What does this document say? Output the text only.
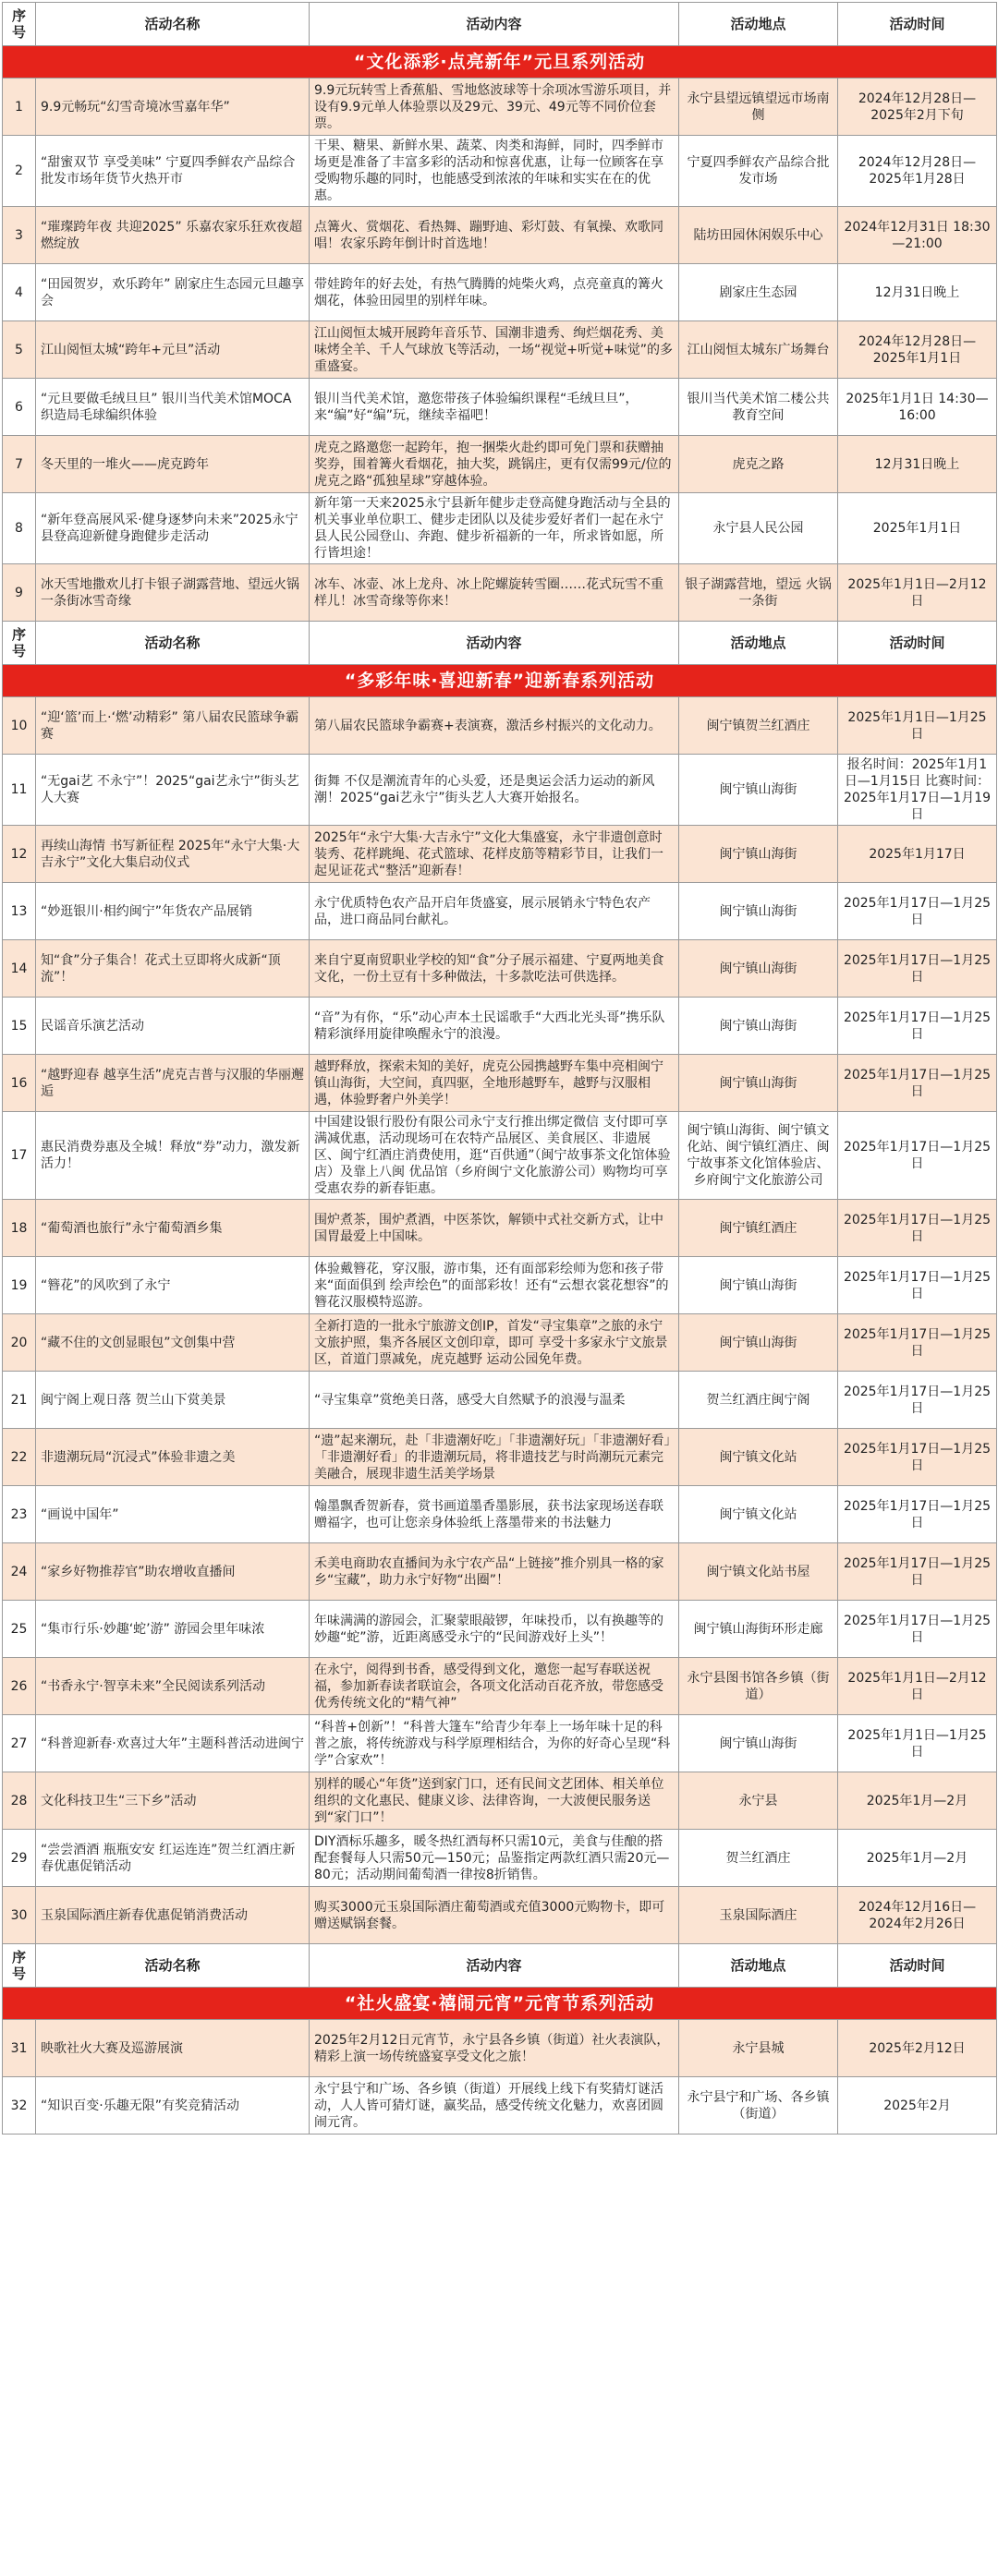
序号	活动名称	活动内容	活动地点	活动时间
“文化添彩·点亮新年”元旦系列活动				
1	9.9元畅玩“幻雪奇境冰雪嘉年华”	9.9元玩转雪上香蕉船、雪地悠波球等十余项冰雪游乐项目，并设有9.9元单人体验票以及29元、39元、49元等不同价位套票。	永宁县望远镇望远市场南侧	2024年12月28日—2025年2月下旬
2	“甜蜜双节 享受美味” 宁夏四季鲜农产品综合批发市场年货节火热开市	干果、糖果、新鲜水果、蔬菜、肉类和海鲜，同时，四季鲜市场更是准备了丰富多彩的活动和惊喜优惠，让每一位顾客在享受购物乐趣的同时，也能感受到浓浓的年味和实实在在的优惠。	宁夏四季鲜农产品综合批发市场	2024年12月28日—2025年1月28日
3	“璀璨跨年夜 共迎2025” 乐嘉农家乐狂欢夜超燃绽放	点篝火、赏烟花、看热舞、蹦野迪、彩灯鼓、有氧操、欢歌同唱！农家乐跨年倒计时首选地！	陆坊田园休闲娱乐中心	2024年12月31日 18:30—21:00
4	“田园贺岁，欢乐跨年” 剧家庄生态园元旦趣享会	带娃跨年的好去处，有热气腾腾的炖柴火鸡，点亮童真的篝火烟花，体验田园里的别样年味。	剧家庄生态园	12月31日晚上
5	江山阅恒太城“跨年+元旦”活动	江山阅恒太城开展跨年音乐节、国潮非遗秀、绚烂烟花秀、美味烤全羊、千人气球放飞等活动，一场“视觉+听觉+味觉”的多重盛宴。	江山阅恒太城东广场舞台	2024年12月28日—2025年1月1日
6	“元旦要做毛绒旦旦” 银川当代美术馆MOCA织造局毛球编织体验	银川当代美术馆，邀您带孩子体验编织课程“毛绒旦旦”，来“编”好“编”玩，继续幸福吧！	银川当代美术馆二楼公共教育空间	2025年1月1日 14:30—16:00
7	冬天里的一堆火——虎克跨年	虎克之路邀您一起跨年，抱一捆柴火赴约即可免门票和获赠抽奖券，围着篝火看烟花，抽大奖，跳锅庄，更有仅需99元/位的虎克之路“孤独星球”穿越体验。	虎克之路	12月31日晚上
8	“新年登高展风采·健身逐梦向未来”2025永宁县登高迎新健身跑健步走活动	新年第一天来2025永宁县新年健步走登高健身跑活动与全县的机关事业单位职工、健步走团队以及徒步爱好者们一起在永宁县人民公园登山、奔跑、健步祈福新的一年，所求皆如愿，所行皆坦途！	永宁县人民公园	2025年1月1日
9	冰天雪地撒欢儿打卡银子湖露营地、望远火锅一条街冰雪奇缘	冰车、冰壶、冰上龙舟、冰上陀螺旋转雪圈……花式玩雪不重样儿！冰雪奇缘等你来！	银子湖露营地，望远 火锅一条街	2025年1月1日—2月12日
序号	活动名称	活动内容	活动地点	活动时间
“多彩年味·喜迎新春”迎新春系列活动				
10	“迎‘篮’而上·‘燃’动精彩” 第八届农民篮球争霸赛	第八届农民篮球争霸赛+表演赛，激活乡村振兴的文化动力。	闽宁镇贺兰红酒庄	2025年1月1日—1月25日
11	“无gai艺 不永宁”！2025“gai艺永宁”街头艺人大赛	街舞 不仅是潮流青年的心头爱，还是奥运会活力运动的新风潮！2025“gai艺永宁”街头艺人大赛开始报名。	闽宁镇山海街	报名时间：2025年1月1日—1月15日 比赛时间：2025年1月17日—1月19日
12	再续山海情 书写新征程 2025年“永宁大集·大吉永宁”文化大集启动仪式	2025年“永宁大集·大吉永宁”文化大集盛宴，永宁非遗创意时装秀、花样跳绳、花式篮球、花样皮筋等精彩节目，让我们一起见证花式“整活”迎新春！	闽宁镇山海街	2025年1月17日
13	“妙逛银川·相约闽宁”年货农产品展销	永宁优质特色农产品开启年货盛宴，展示展销永宁特色农产品，进口商品同台献礼。	闽宁镇山海街	2025年1月17日—1月25日
14	知“食”分子集合！花式土豆即将火成新“顶流”！	来自宁夏南贸职业学校的知“食”分子展示福建、宁夏两地美食文化，一份土豆有十多种做法，十多款吃法可供选择。	闽宁镇山海街	2025年1月17日—1月25日
15	民谣音乐演艺活动	“音”为有你，“乐”动心声本土民谣歌手“大西北光头哥”携乐队精彩演绎用旋律唤醒永宁的浪漫。	闽宁镇山海街	2025年1月17日—1月25日
16	“越野迎春 越享生活”虎克吉普与汉服的华丽邂逅	越野释放，探索未知的美好，虎克公园携越野车集中亮相闽宁镇山海街，大空间，真四驱，全地形越野车，越野与汉服相遇，体验野奢户外美学！	闽宁镇山海街	2025年1月17日—1月25日
17	惠民消费券惠及全城！释放“券”动力，激发新活力！	中国建设银行股份有限公司永宁支行推出绑定微信 支付即可享满减优惠，活动现场可在农特产品展区、美食展区、非遗展区、闽宁红酒庄消费使用，逛“百供通”（闽宁故事茶文化馆体验店）及靠上八闽 优品馆（乡府闽宁文化旅游公司）购物均可享受惠农券的新春钜惠。	闽宁镇山海街、闽宁镇文化站、闽宁镇红酒庄、闽宁故事茶文化馆体验店、乡府闽宁文化旅游公司	2025年1月17日—1月25日
18	“葡萄酒也旅行”永宁葡萄酒乡集	围炉煮茶，围炉煮酒，中医茶饮，解锁中式社交新方式，让中国胃最爱上中国味。	闽宁镇红酒庄	2025年1月17日—1月25日
19	“簪花”的风吹到了永宁	体验戴簪花，穿汉服，游市集，还有面部彩绘师为您和孩子带来“面面俱到 绘声绘色”的面部彩妆！还有“云想衣裳花想容”的簪花汉服模特巡游。	闽宁镇山海街	2025年1月17日—1月25日
20	“藏不住的文创显眼包”文创集中营	全新打造的一批永宁旅游文创IP，首发“寻宝集章”之旅的永宁文旅护照，集齐各展区文创印章，即可 享受十多家永宁文旅景区，首道门票减免，虎克越野 运动公园免年费。	闽宁镇山海街	2025年1月17日—1月25日
21	闽宁阁上观日落 贺兰山下赏美景	“寻宝集章”赏绝美日落，感受大自然赋予的浪漫与温柔	贺兰红酒庄闽宁阁	2025年1月17日—1月25日
22	非遗潮玩局“沉浸式”体验非遗之美	“遗”起来潮玩，赴「非遗潮好吃」「非遗潮好玩」「非遗潮好看」「非遗潮好看」的非遗潮玩局，将非遗技艺与时尚潮玩元素完美融合，展现非遗生活美学场景	闽宁镇文化站	2025年1月17日—1月25日
23	“画说中国年”	翰墨飘香贺新春，赏书画道墨香墨影展，获书法家现场送春联赠福字，也可让您亲身体验纸上落墨带来的书法魅力	闽宁镇文化站	2025年1月17日—1月25日
24	“家乡好物推荐官”助农增收直播间	禾美电商助农直播间为永宁农产品“上链接”推介别具一格的家乡“宝藏”，助力永宁好物“出圈”！	闽宁镇文化站书屋	2025年1月17日—1月25日
25	“集市行乐·妙趣‘蛇’游” 游园会里年味浓	年味满满的游园会，汇聚蒙眼敲锣，年味投币，以有换趣等的妙趣“蛇”游，近距离感受永宁的“民间游戏好上头”！	闽宁镇山海街环形走廊	2025年1月17日—1月25日
26	“书香永宁·智享未来”全民阅读系列活动	在永宁，阅得到书香，感受得到文化，邀您一起写春联送祝福，参加新春读者联谊会，各项文化活动百花齐放，带您感受优秀传统文化的“精气神”	永宁县图书馆各乡镇（街道）	2025年1月1日—2月12日
27	“科普迎新春·欢喜过大年”主题科普活动进闽宁	“科普+创新”！“科普大篷车”给青少年奉上一场年味十足的科普之旅，将传统游戏与科学原理相结合，为你的好奇心呈现“科学”合家欢”！	闽宁镇山海街	2025年1月1日—1月25日
28	文化科技卫生“三下乡”活动	别样的暖心“年货”送到家门口，还有民间文艺团体、相关单位组织的文化惠民、健康义诊、法律咨询，一大波便民服务送到“家门口”！	永宁县	2025年1月—2月
29	“尝尝酒酒 瓶瓶安安 红运连连”贺兰红酒庄新春优惠促销活动	DIY酒标乐趣多，暖冬热红酒每杯只需10元，美食与佳酿的搭配套餐每人只需50元—150元；品鉴指定两款红酒只需20元—80元；活动期间葡萄酒一律按8折销售。	贺兰红酒庄	2025年1月—2月
30	玉泉国际酒庄新春优惠促销消费活动	购买3000元玉泉国际酒庄葡萄酒或充值3000元购物卡，即可赠送赋锅套餐。	玉泉国际酒庄	2024年12月16日—2024年2月26日
序号	活动名称	活动内容	活动地点	活动时间
“社火盛宴·禧闹元宵”元宵节系列活动				
31	映歌社火大赛及巡游展演	2025年2月12日元宵节，永宁县各乡镇（街道）社火表演队，精彩上演一场传统盛宴享受文化之旅！	永宁县城	2025年2月12日
32	“知识百变·乐趣无限”有奖竞猜活动	永宁县宁和广场、各乡镇（街道）开展线上线下有奖猜灯谜活动，人人皆可猜灯谜，赢奖品，感受传统文化魅力，欢喜团圆闹元宵。	永宁县宁和广场、各乡镇（街道）	2025年2月
